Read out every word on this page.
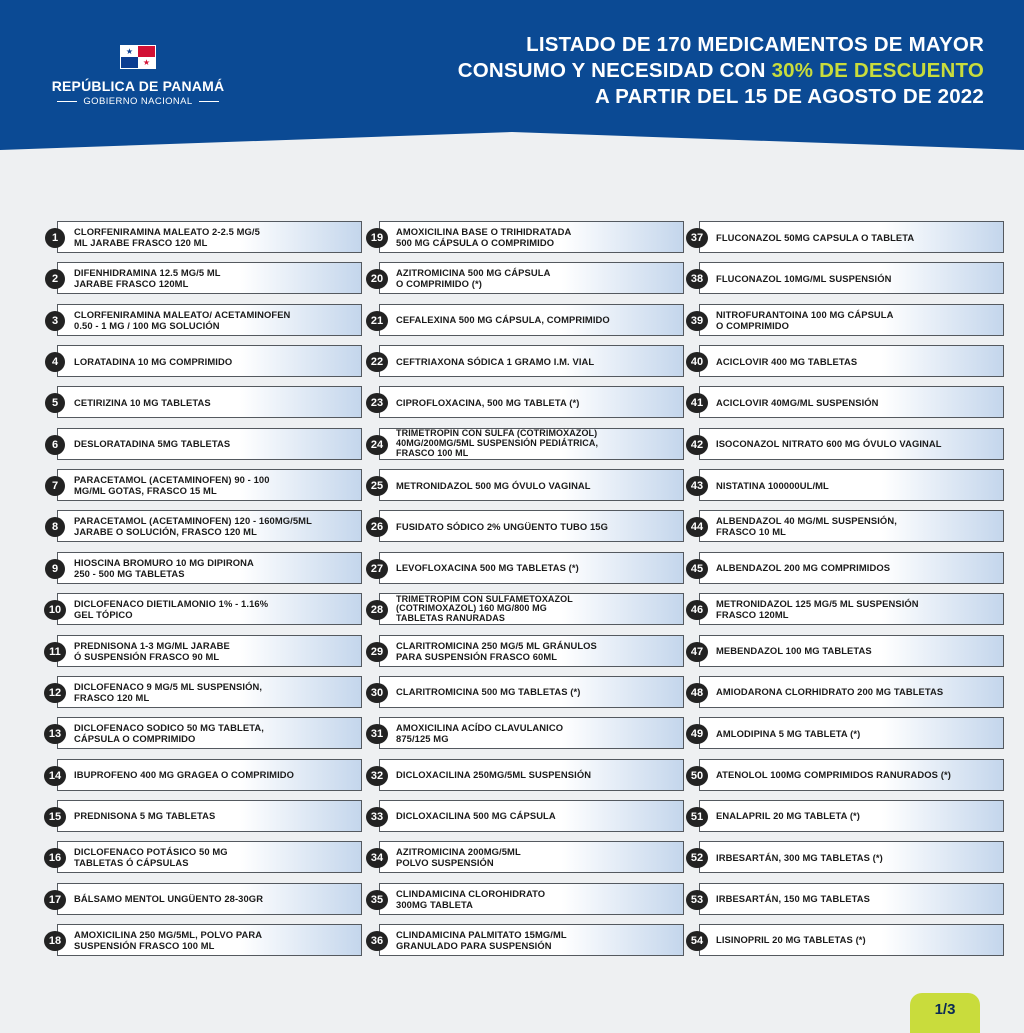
★
★
REPÚBLICA DE PANAMÁ
GOBIERNO NACIONAL
LISTADO DE 170 MEDICAMENTOS DE MAYOR
CONSUMO Y NECESIDAD CON 30% DE DESCUENTO
A PARTIR DEL 15 DE AGOSTO DE 2022
CLORFENIRAMINA MALEATO 2-2.5 MG/5
ML JARABE FRASCO 120 ML
1
DIFENHIDRAMINA 12.5 MG/5 ML
JARABE FRASCO 120ML
2
CLORFENIRAMINA MALEATO/ ACETAMINOFEN
0.50 - 1 MG / 100 MG SOLUCIÓN
3
LORATADINA 10 MG COMPRIMIDO
4
CETIRIZINA 10 MG TABLETAS
5
DESLORATADINA 5MG TABLETAS
6
PARACETAMOL (ACETAMINOFEN) 90 - 100
MG/ML GOTAS, FRASCO 15 ML
7
PARACETAMOL (ACETAMINOFEN) 120 - 160MG/5ML
JARABE O SOLUCIÓN, FRASCO 120 ML
8
HIOSCINA BROMURO 10 MG DIPIRONA
250 - 500 MG TABLETAS
9
DICLOFENACO DIETILAMONIO 1% - 1.16%
GEL TÓPICO
10
PREDNISONA 1-3 MG/ML JARABE
Ó SUSPENSIÓN FRASCO 90 ML
11
DICLOFENACO 9 MG/5 ML SUSPENSIÓN,
FRASCO 120 ML
12
DICLOFENACO SODICO 50 MG TABLETA,
CÁPSULA O COMPRIMIDO
13
IBUPROFENO 400 MG GRAGEA O COMPRIMIDO
14
PREDNISONA 5 MG TABLETAS
15
DICLOFENACO POTÁSICO 50 MG
TABLETAS Ó CÁPSULAS
16
BÁLSAMO MENTOL UNGÜENTO 28-30GR
17
AMOXICILINA 250 MG/5ML, POLVO PARA
SUSPENSIÓN FRASCO 100 ML
18
AMOXICILINA BASE O TRIHIDRATADA
500 MG CÁPSULA O COMPRIMIDO
19
AZITROMICINA 500 MG CÁPSULA
O COMPRIMIDO (*)
20
CEFALEXINA 500 MG CÁPSULA, COMPRIMIDO
21
CEFTRIAXONA SÓDICA 1 GRAMO I.M. VIAL
22
CIPROFLOXACINA, 500 MG TABLETA (*)
23
TRIMETROPIN CON SULFA (COTRIMOXAZOL)
40MG/200MG/5ML SUSPENSIÓN PEDIÁTRICA,
FRASCO 100 ML
24
METRONIDAZOL 500 MG ÓVULO VAGINAL
25
FUSIDATO SÓDICO 2% UNGÜENTO TUBO 15G
26
LEVOFLOXACINA 500 MG TABLETAS (*)
27
TRIMETROPIM CON SULFAMETOXAZOL
(COTRIMOXAZOL) 160 MG/800 MG
TABLETAS RANURADAS
28
CLARITROMICINA 250 MG/5 ML GRÁNULOS
PARA SUSPENSIÓN FRASCO 60ML
29
CLARITROMICINA 500 MG TABLETAS (*)
30
AMOXICILINA ACÍDO CLAVULANICO
875/125 MG
31
DICLOXACILINA 250MG/5ML SUSPENSIÓN
32
DICLOXACILINA 500 MG CÁPSULA
33
AZITROMICINA 200MG/5ML
POLVO SUSPENSIÓN
34
CLINDAMICINA CLOROHIDRATO
300MG TABLETA
35
CLINDAMICINA PALMITATO 15MG/ML
GRANULADO PARA SUSPENSIÓN
36
FLUCONAZOL 50MG CAPSULA O TABLETA
37
FLUCONAZOL 10MG/ML SUSPENSIÓN
38
NITROFURANTOINA 100 MG CÁPSULA
O COMPRIMIDO
39
ACICLOVIR 400 MG TABLETAS
40
ACICLOVIR 40MG/ML SUSPENSIÓN
41
ISOCONAZOL NITRATO 600 MG ÓVULO VAGINAL
42
NISTATINA 100000UL/ML
43
ALBENDAZOL 40 MG/ML SUSPENSIÓN,
FRASCO 10 ML
44
ALBENDAZOL 200 MG COMPRIMIDOS
45
METRONIDAZOL 125 MG/5 ML SUSPENSIÓN
FRASCO 120ML
46
MEBENDAZOL 100 MG TABLETAS
47
AMIODARONA CLORHIDRATO 200 MG TABLETAS
48
AMLODIPINA 5 MG TABLETA (*)
49
ATENOLOL 100MG COMPRIMIDOS RANURADOS (*)
50
ENALAPRIL 20 MG TABLETA (*)
51
IRBESARTÁN, 300 MG TABLETAS (*)
52
IRBESARTÁN, 150 MG TABLETAS
53
LISINOPRIL 20 MG TABLETAS (*)
54
1/3
